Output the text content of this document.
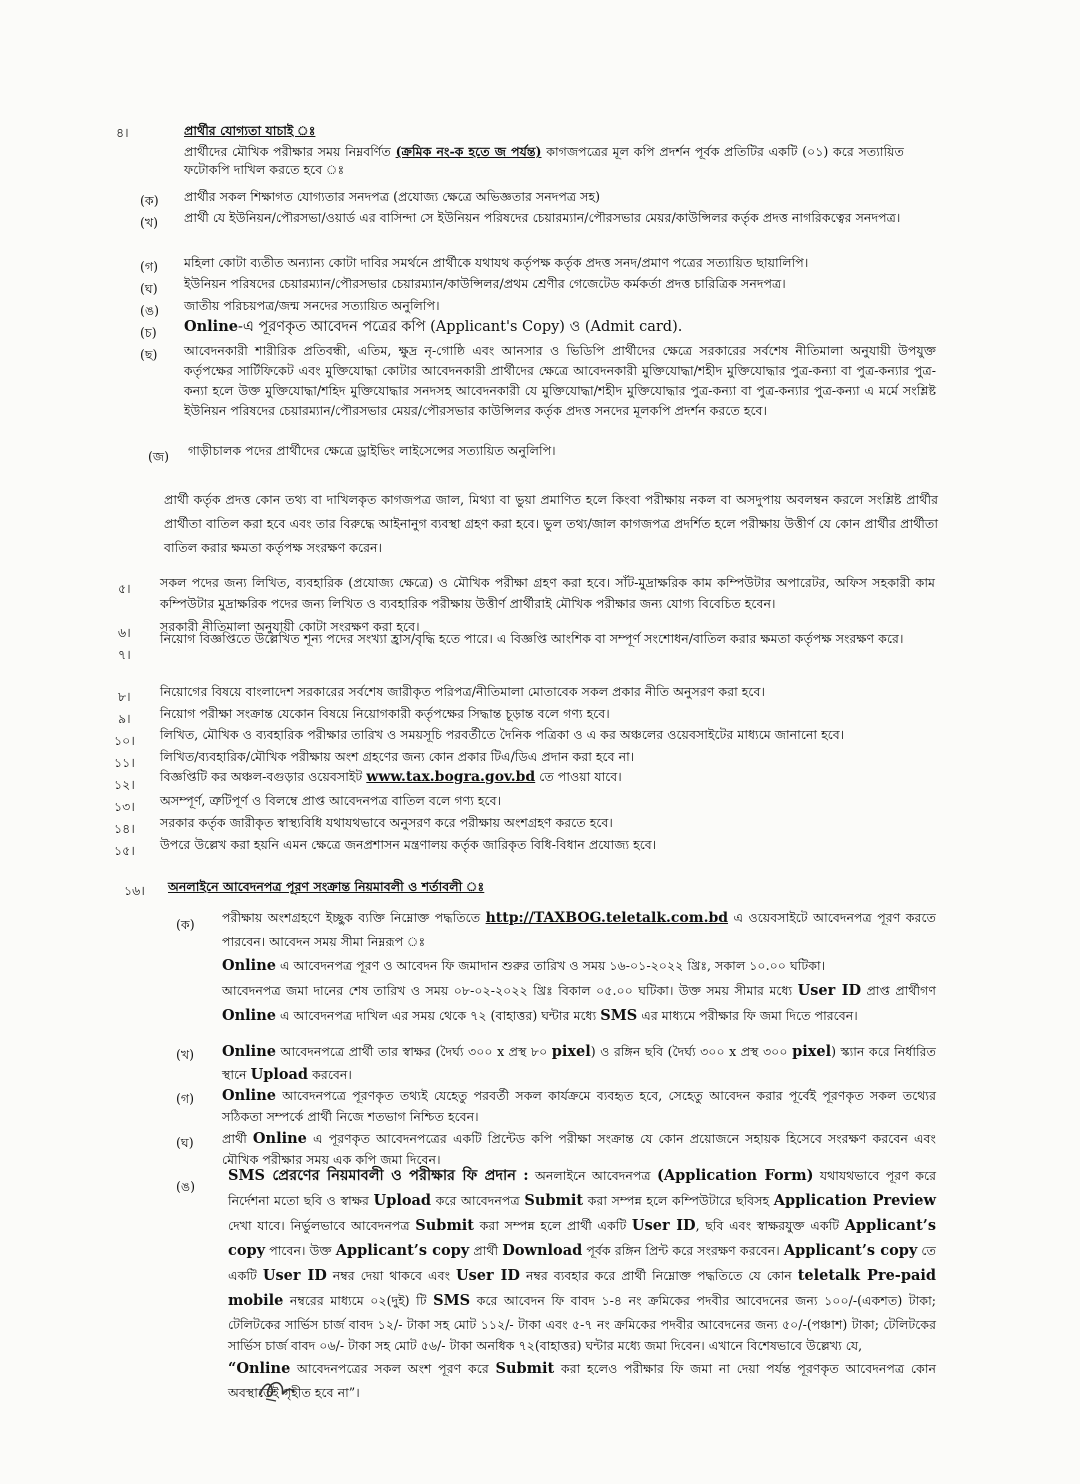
৪।	প্রার্থীর যোগ্যতা যাচাই ঃ
প্রার্থীদের মৌখিক পরীক্ষার সময় নিম্নবর্ণিত (ক্রমিক নং-ক হতে জ পর্যন্ত) কাগজপত্রের মূল কপি প্রদর্শন পূর্বক প্রতিটির একটি (০১) করে সত্যায়িত ফটোকপি দাখিল করতে হবে ঃ
(ক)	প্রার্থীর সকল শিক্ষাগত যোগ্যতার সনদপত্র (প্রযোজ্য ক্ষেত্রে অভিজ্ঞতার সনদপত্র সহ)
(খ)	প্রার্থী যে ইউনিয়ন/পৌরসভা/ওয়ার্ড এর বাসিন্দা সে ইউনিয়ন পরিষদের চেয়ারম্যান/পৌরসভার মেয়র/কাউন্সিলর কর্তৃক প্রদত্ত নাগরিকত্বের সনদপত্র।
(গ)	মহিলা কোটা ব্যতীত অন্যান্য কোটা দাবির সমর্থনে প্রার্থীকে যথাযথ কর্তৃপক্ষ কর্তৃক প্রদত্ত সনদ/প্রমাণ পত্রের সত্যায়িত ছায়ালিপি।
(ঘ)	ইউনিয়ন পরিষদের চেয়ারম্যান/পৌরসভার চেয়ারম্যান/কাউন্সিলর/প্রথম শ্রেণীর গেজেটেড কর্মকর্তা প্রদত্ত চারিত্রিক সনদপত্র।
(ঙ)	জাতীয় পরিচয়পত্র/জন্ম সনদের সত্যায়িত অনুলিপি।
(চ)	Online-এ পূরণকৃত আবেদন পত্রের কপি (Applicant's Copy) ও (Admit card).
(ছ)	আবেদনকারী শারীরিক প্রতিবন্ধী, এতিম, ক্ষুদ্র নৃ-গোষ্ঠি এবং আনসার ও ভিডিপি প্রার্থীদের ক্ষেত্রে সরকারের সর্বশেষ নীতিমালা অনুযায়ী উপযুক্ত কর্তৃপক্ষের সার্টিফিকেট এবং মুক্তিযোদ্ধা কোটার আবেদনকারী প্রার্থীদের ক্ষেত্রে আবেদনকারী মুক্তিযোদ্ধা/শহীদ মুক্তিযোদ্ধার পুত্র-কন্যা বা পুত্র-কন্যার পুত্র-কন্যা হলে উক্ত মুক্তিযোদ্ধা/শহিদ মুক্তিযোদ্ধার সনদসহ আবেদনকারী যে মুক্তিযোদ্ধা/শহীদ মুক্তিযোদ্ধার পুত্র-কন্যা বা পুত্র-কন্যার পুত্র-কন্যা এ মর্মে সংশ্লিষ্ট ইউনিয়ন পরিষদের চেয়ারম্যান/পৌরসভার মেয়র/পৌরসভার কাউন্সিলর কর্তৃক প্রদত্ত সনদের মূলকপি প্রদর্শন করতে হবে।
(জ)	গাড়ীচালক পদের প্রার্থীদের ক্ষেত্রে ড্রাইভিং লাইসেন্সের সত্যায়িত অনুলিপি।
প্রার্থী কর্তৃক প্রদত্ত কোন তথ্য বা দাখিলকৃত কাগজপত্র জাল, মিথ্যা বা ভুয়া প্রমাণিত হলে কিংবা পরীক্ষায় নকল বা অসদুপায় অবলম্বন করলে সংশ্লিষ্ট প্রার্থীর প্রার্থীতা বাতিল করা হবে এবং তার বিরুদ্ধে আইনানুগ ব্যবস্থা গ্রহণ করা হবে। ভুল তথ্য/জাল কাগজপত্র প্রদর্শিত হলে পরীক্ষায় উত্তীর্ণ যে কোন প্রার্থীর প্রার্থীতা বাতিল করার ক্ষমতা কর্তৃপক্ষ সংরক্ষণ করেন।
৫।	সকল পদের জন্য লিখিত, ব্যবহারিক (প্রযোজ্য ক্ষেত্রে) ও মৌখিক পরীক্ষা গ্রহণ করা হবে। সাঁট-মুদ্রাক্ষরিক কাম কম্পিউটার অপারেটর, অফিস সহকারী কাম কম্পিউটার মুদ্রাক্ষরিক পদের জন্য লিখিত ও ব্যবহারিক পরীক্ষায় উত্তীর্ণ প্রার্থীরাই মৌখিক পরীক্ষার জন্য যোগ্য বিবেচিত হবেন।
৬।	সরকারী নীতিমালা অনুযায়ী কোটা সংরক্ষণ করা হবে।
৭।
নিয়োগ বিজ্ঞপ্তিতে উল্লেখিত শূন্য পদের সংখ্যা হ্রাস/বৃদ্ধি হতে পারে। এ বিজ্ঞপ্তি আংশিক বা সম্পূর্ণ সংশোধন/বাতিল করার ক্ষমতা কর্তৃপক্ষ সংরক্ষণ করে।
৮।	নিয়োগের বিষয়ে বাংলাদেশ সরকারের সর্বশেষ জারীকৃত পরিপত্র/নীতিমালা মোতাবেক সকল প্রকার নীতি অনুসরণ করা হবে।
৯।	নিয়োগ পরীক্ষা সংক্রান্ত যেকোন বিষয়ে নিয়োগকারী কর্তৃপক্ষের সিদ্ধান্ত চূড়ান্ত বলে গণ্য হবে।
১০।	লিখিত, মৌখিক ও ব্যবহারিক পরীক্ষার তারিখ ও সময়সূচি পরবর্তীতে দৈনিক পত্রিকা ও এ কর অঞ্চলের ওয়েবসাইটের মাধ্যমে জানানো হবে।
১১।	লিখিত/ব্যবহারিক/মৌখিক পরীক্ষায় অংশ গ্রহণের জন্য কোন প্রকার টিএ/ডিএ প্রদান করা হবে না।
১২।
বিজ্ঞপ্তিটি কর অঞ্চল-বগুড়ার ওয়েবসাইট www.tax.bogra.gov.bd তে পাওয়া যাবে।
১৩।	অসম্পূর্ণ, ত্রুটিপূর্ণ ও বিলম্বে প্রাপ্ত আবেদনপত্র বাতিল বলে গণ্য হবে।
১৪।	সরকার কর্তৃক জারীকৃত স্বাস্থ্যবিধি যথাযথভাবে অনুসরণ করে পরীক্ষায় অংশগ্রহণ করতে হবে।
১৫।	উপরে উল্লেখ করা হয়নি এমন ক্ষেত্রে জনপ্রশাসন মন্ত্রণালয় কর্তৃক জারিকৃত বিধি-বিধান প্রযোজ্য হবে।
১৬।	অনলাইনে আবেদনপত্র পূরণ সংক্রান্ত নিয়মাবলী ও শর্তাবলী ঃ
(ক)	পরীক্ষায় অংশগ্রহণে ইচ্ছুক ব্যক্তি নিম্নোক্ত পদ্ধতিতে http://TAXBOG.teletalk.com.bd এ ওয়েবসাইটে আবেদনপত্র পূরণ করতে পারবেন। আবেদন সময় সীমা নিম্নরূপ ঃ
Online এ আবেদনপত্র পূরণ ও আবেদন ফি জমাদান শুরুর তারিখ ও সময় ১৬-০১-২০২২ খ্রিঃ, সকাল ১০.০০ ঘটিকা।
আবেদনপত্র জমা দানের শেষ তারিখ ও সময় ০৮-০২-২০২২ খ্রিঃ বিকাল ০৫.০০ ঘটিকা। উক্ত সময় সীমার মধ্যে User ID প্রাপ্ত প্রার্থীগণ Online এ আবেদনপত্র দাখিল এর সময় থেকে ৭২ (বাহাত্তর) ঘন্টার মধ্যে SMS এর মাধ্যমে পরীক্ষার ফি জমা দিতে পারবেন।
(খ)	Online আবেদনপত্রে প্রার্থী তার স্বাক্ষর (দৈর্ঘ্য ৩০০ x প্রস্থ ৮০ pixel) ও রঙ্গিন ছবি (দৈর্ঘ্য ৩০০ x প্রস্থ ৩০০ pixel) স্ক্যান করে নির্ধারিত স্থানে Upload করবেন।
(গ)	Online আবেদনপত্রে পূরণকৃত তথ্যই যেহেতু পরবর্তী সকল কার্যক্রমে ব্যবহৃত হবে, সেহেতু আবেদন করার পূর্বেই পূরণকৃত সকল তথ্যের সঠিকতা সম্পর্কে প্রার্থী নিজে শতভাগ নিশ্চিত হবেন।
(ঘ)	প্রার্থী Online এ পূরণকৃত আবেদনপত্রের একটি প্রিন্টেড কপি পরীক্ষা সংক্রান্ত যে কোন প্রয়োজনে সহায়ক হিসেবে সংরক্ষণ করবেন এবং মৌখিক পরীক্ষার সময় এক কপি জমা দিবেন।
(ঙ)
SMS প্রেরণের নিয়মাবলী ও পরীক্ষার ফি প্রদান : অনলাইনে আবেদনপত্র (Application Form) যথাযথভাবে পূরণ করে নির্দেশনা মতো ছবি ও স্বাক্ষর Upload করে আবেদনপত্র Submit করা সম্পন্ন হলে কম্পিউটারে ছবিসহ Application Preview দেখা যাবে। নির্ভুলভাবে আবেদনপত্র Submit করা সম্পন্ন হলে প্রার্থী একটি User ID, ছবি এবং স্বাক্ষরযুক্ত একটি Applicant’s copy পাবেন। উক্ত Applicant’s copy প্রার্থী Download পূর্বক রঙ্গিন প্রিন্ট করে সংরক্ষণ করবেন। Applicant’s copy তে একটি User ID নম্বর দেয়া থাকবে এবং User ID নম্বর ব্যবহার করে প্রার্থী নিম্নোক্ত পদ্ধতিতে যে কোন teletalk Pre-paid mobile নম্বরের মাধ্যমে ০২(দুই) টি SMS করে আবেদন ফি বাবদ ১-৪ নং ক্রমিকের পদবীর আবেদনের জন্য ১০০/-(একশত) টাকা; টেলিটকের সার্ভিস চার্জ বাবদ ১২/- টাকা সহ মোট ১১২/- টাকা এবং ৫-৭ নং ক্রমিকের পদবীর আবেদনের জন্য ৫০/-(পঞ্চাশ) টাকা; টেলিটকের সার্ভিস চার্জ বাবদ ০৬/- টাকা সহ মোট ৫৬/- টাকা অনধিক ৭২(বাহাত্তর) ঘন্টার মধ্যে জমা দিবেন। এখানে বিশেষভাবে উল্লেখ্য যে,
“Online আবেদনপত্রের সকল অংশ পূরণ করে Submit করা হলেও পরীক্ষার ফি জমা না দেয়া পর্যন্ত পূরণকৃত আবেদনপত্র কোন অবস্থাতেই গৃহীত হবে না”।
